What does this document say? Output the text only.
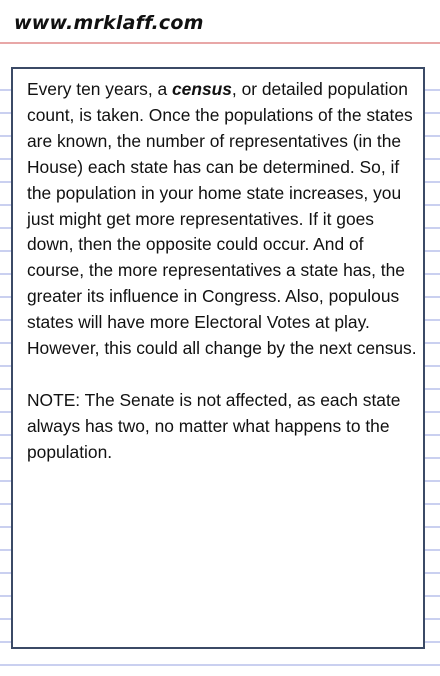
www.mrklaff.com

Every ten years, a census, or detailed population count, is taken. Once the populations of the states are known, the number of representatives (in the House) each state has can be determined. So, if the population in your home state increases, you just might get more representatives. If it goes down, then the opposite could occur. And of course, the more representatives a state has, the greater its influence in Congress. Also, populous states will have more Electoral Votes at play. However, this could all change by the next census.

NOTE: The Senate is not affected, as each state always has two, no matter what happens to the population.
